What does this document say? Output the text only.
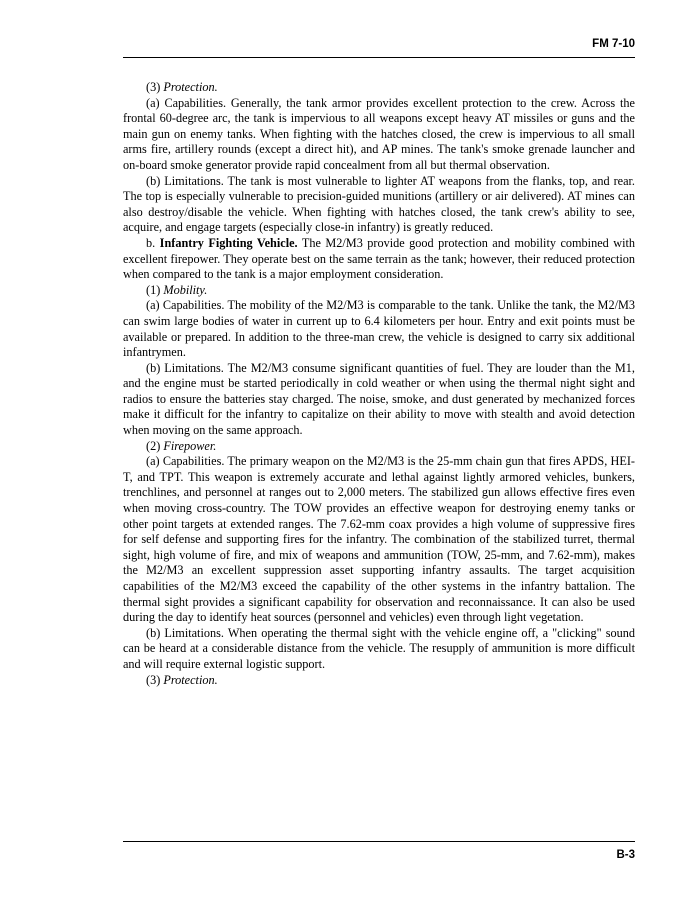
FM 7-10

(3) Protection.

(a) Capabilities. Generally, the tank armor provides excellent protection to the crew. Across the frontal 60-degree arc, the tank is impervious to all weapons except heavy AT missiles or guns and the main gun on enemy tanks. When fighting with the hatches closed, the crew is impervious to all small arms fire, artillery rounds (except a direct hit), and AP mines. The tank's smoke grenade launcher and on-board smoke generator provide rapid concealment from all but thermal observation.

(b) Limitations. The tank is most vulnerable to lighter AT weapons from the flanks, top, and rear. The top is especially vulnerable to precision-guided munitions (artillery or air delivered). AT mines can also destroy/disable the vehicle. When fighting with hatches closed, the tank crew's ability to see, acquire, and engage targets (especially close-in infantry) is greatly reduced.

b. Infantry Fighting Vehicle. The M2/M3 provide good protection and mobility combined with excellent firepower. They operate best on the same terrain as the tank; however, their reduced protection when compared to the tank is a major employment consideration.

(1) Mobility.

(a) Capabilities. The mobility of the M2/M3 is comparable to the tank. Unlike the tank, the M2/M3 can swim large bodies of water in current up to 6.4 kilometers per hour. Entry and exit points must be available or prepared. In addition to the three-man crew, the vehicle is designed to carry six additional infantrymen.

(b) Limitations. The M2/M3 consume significant quantities of fuel. They are louder than the M1, and the engine must be started periodically in cold weather or when using the thermal night sight and radios to ensure the batteries stay charged. The noise, smoke, and dust generated by mechanized forces make it difficult for the infantry to capitalize on their ability to move with stealth and avoid detection when moving on the same approach.

(2) Firepower.

(a) Capabilities. The primary weapon on the M2/M3 is the 25-mm chain gun that fires APDS, HEI-T, and TPT. This weapon is extremely accurate and lethal against lightly armored vehicles, bunkers, trenchlines, and personnel at ranges out to 2,000 meters. The stabilized gun allows effective fires even when moving cross-country. The TOW provides an effective weapon for destroying enemy tanks or other point targets at extended ranges. The 7.62-mm coax provides a high volume of suppressive fires for self defense and supporting fires for the infantry. The combination of the stabilized turret, thermal sight, high volume of fire, and mix of weapons and ammunition (TOW, 25-mm, and 7.62-mm), makes the M2/M3 an excellent suppression asset supporting infantry assaults. The target acquisition capabilities of the M2/M3 exceed the capability of the other systems in the infantry battalion. The thermal sight provides a significant capability for observation and reconnaissance. It can also be used during the day to identify heat sources (personnel and vehicles) even through light vegetation.

(b) Limitations. When operating the thermal sight with the vehicle engine off, a "clicking" sound can be heard at a considerable distance from the vehicle. The resupply of ammunition is more difficult and will require external logistic support.

(3) Protection.

B-3
